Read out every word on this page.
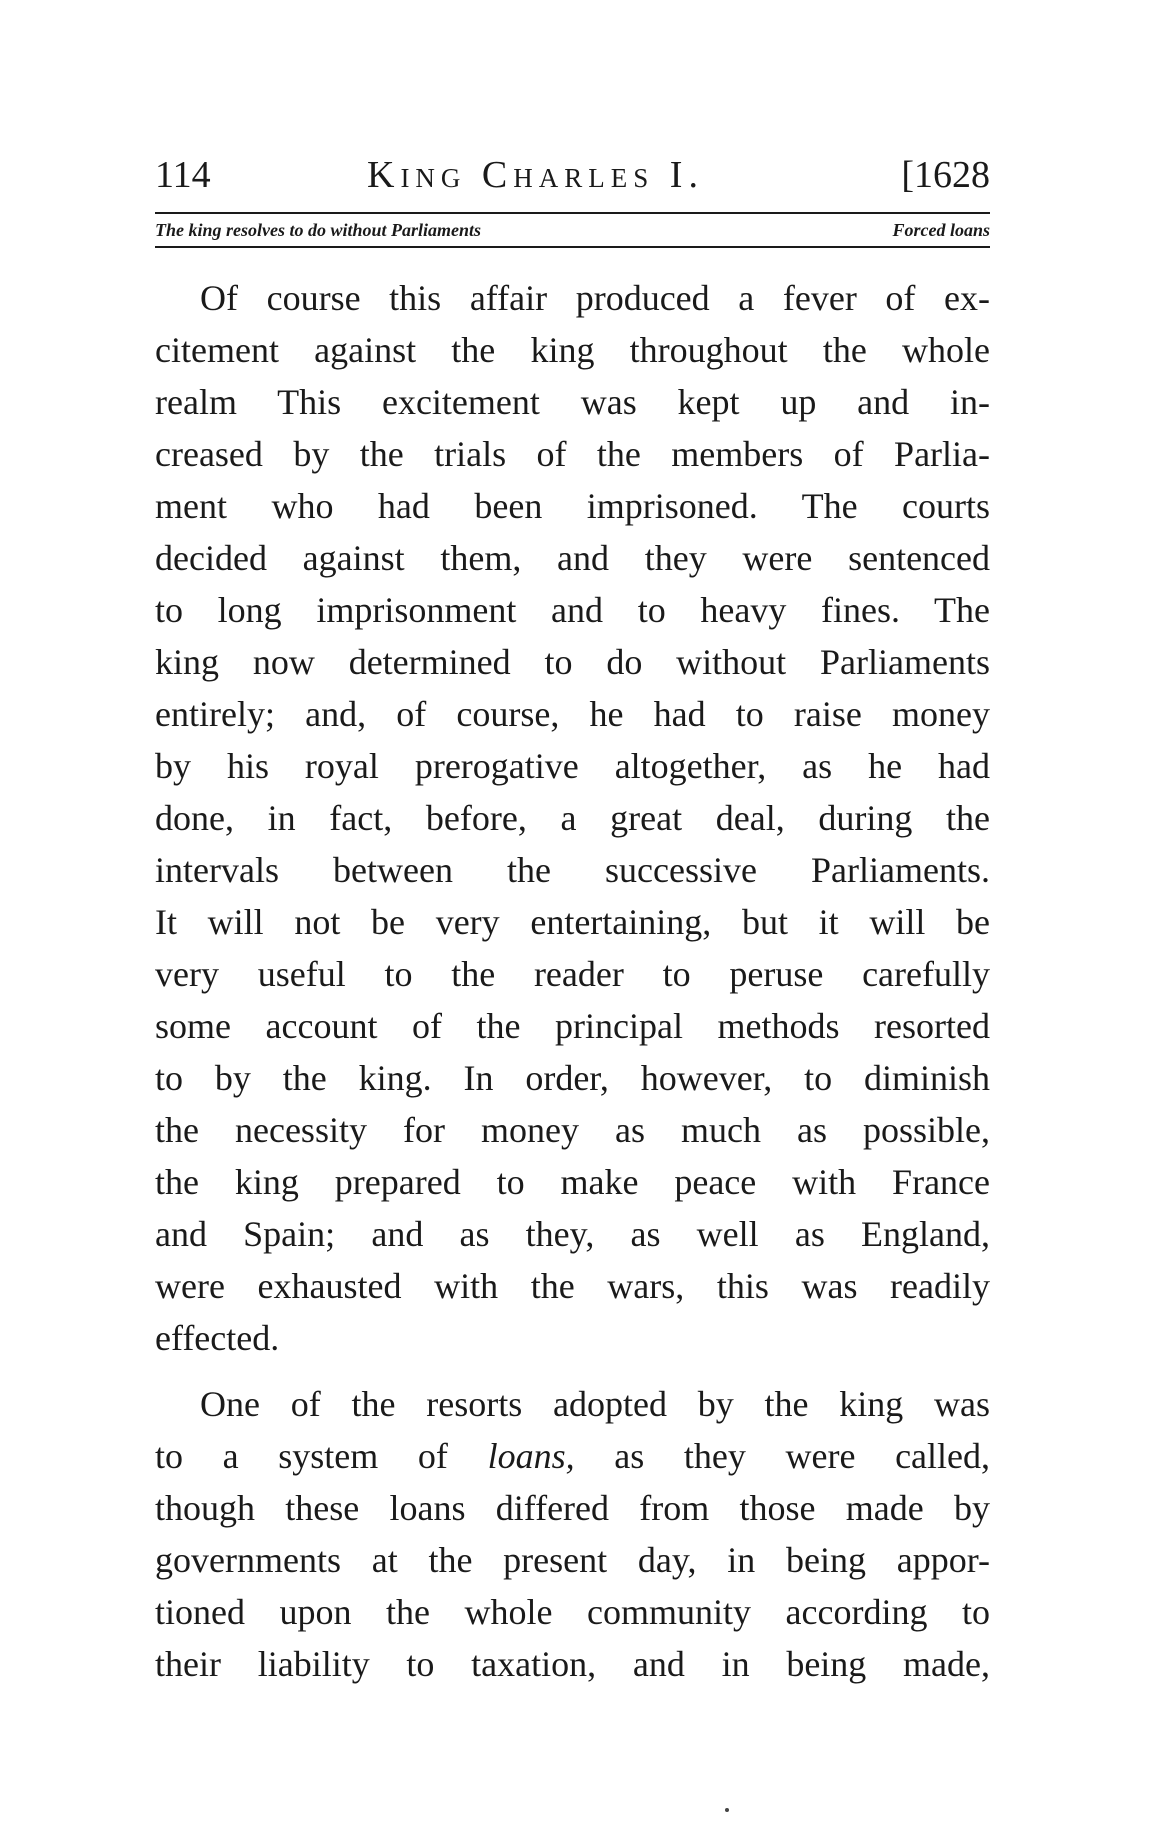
114	King Charles I.	[1628
The king resolves to do without Parliaments	Forced loans
Of course this affair produced a fever of ex-
citement against the king throughout the whole
realm This excitement was kept up and in-
creased by the trials of the members of Parlia-
ment who had been imprisoned. The courts
decided against them, and they were sentenced
to long imprisonment and to heavy fines. The
king now determined to do without Parliaments
entirely; and, of course, he had to raise money
by his royal prerogative altogether, as he had
done, in fact, before, a great deal, during the
intervals between the successive Parliaments.
It will not be very entertaining, but it will be
very useful to the reader to peruse carefully
some account of the principal methods resorted
to by the king. In order, however, to diminish
the necessity for money as much as possible,
the king prepared to make peace with France
and Spain; and as they, as well as England,
were exhausted with the wars, this was readily
effected.
One of the resorts adopted by the king was
to a system of loans, as they were called,
though these loans differed from those made by
governments at the present day, in being appor-
tioned upon the whole community according to
their liability to taxation, and in being made,
